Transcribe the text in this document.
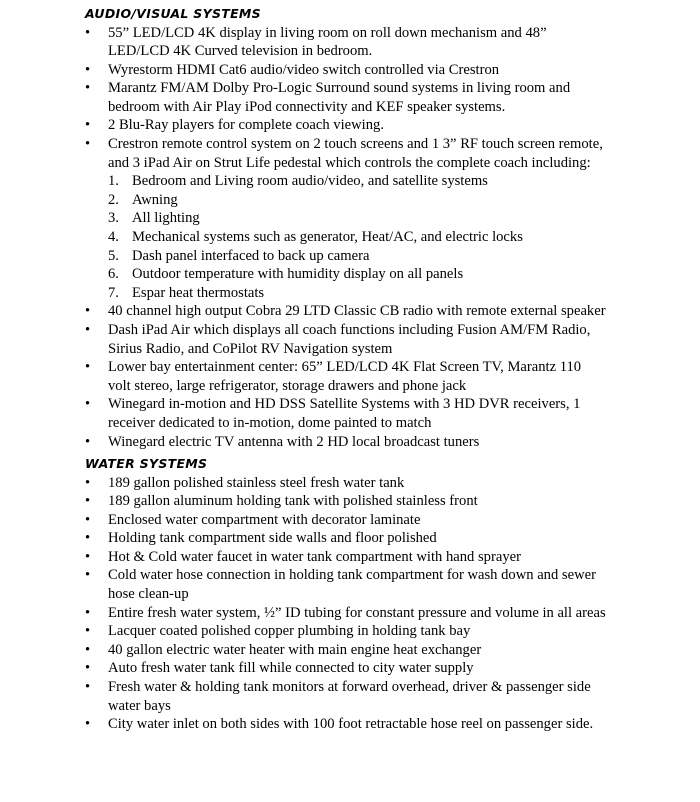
AUDIO/VISUAL SYSTEMS
•	55” LED/LCD 4K display in living room on roll down mechanism and 48”
LED/LCD 4K Curved television in bedroom.
•	Wyrestorm HDMI Cat6 audio/video switch controlled via Crestron
•	Marantz FM/AM Dolby Pro-Logic Surround sound systems in living room and
bedroom with Air Play iPod connectivity and KEF speaker systems.
•	2 Blu-Ray players for complete coach viewing.
•	Crestron remote control system on 2 touch screens and 1 3” RF touch screen remote,
and 3 iPad Air on Strut Life pedestal which controls the complete coach including:
1. Bedroom and Living room audio/video, and satellite systems
2. Awning
3. All lighting
4. Mechanical systems such as generator, Heat/AC, and electric locks
5. Dash panel interfaced to back up camera
6. Outdoor temperature with humidity display on all panels
7. Espar heat thermostats
•	40 channel high output Cobra 29 LTD Classic CB radio with remote external speaker
•	Dash iPad Air which displays all coach functions including Fusion AM/FM Radio,
Sirius Radio, and CoPilot RV Navigation system
•	Lower bay entertainment center: 65” LED/LCD 4K Flat Screen TV, Marantz 110
volt stereo, large refrigerator, storage drawers and phone jack
•	Winegard in-motion and HD DSS Satellite Systems with 3 HD DVR receivers, 1
receiver dedicated to in-motion, dome painted to match
•	Winegard electric TV antenna with 2 HD local broadcast tuners
WATER SYSTEMS
•	189 gallon polished stainless steel fresh water tank
•	189 gallon aluminum holding tank with polished stainless front
•	Enclosed water compartment with decorator laminate
•	Holding tank compartment side walls and floor polished
•	Hot & Cold water faucet in water tank compartment with hand sprayer
•	Cold water hose connection in holding tank compartment for wash down and sewer
hose clean-up
•	Entire fresh water system, ½” ID tubing for constant pressure and volume in all areas
•	Lacquer coated polished copper plumbing in holding tank bay
•	40 gallon electric water heater with main engine heat exchanger
•	Auto fresh water tank fill while connected to city water supply
•	Fresh water & holding tank monitors at forward overhead, driver & passenger side
water bays
•	City water inlet on both sides with 100 foot retractable hose reel on passenger side.
